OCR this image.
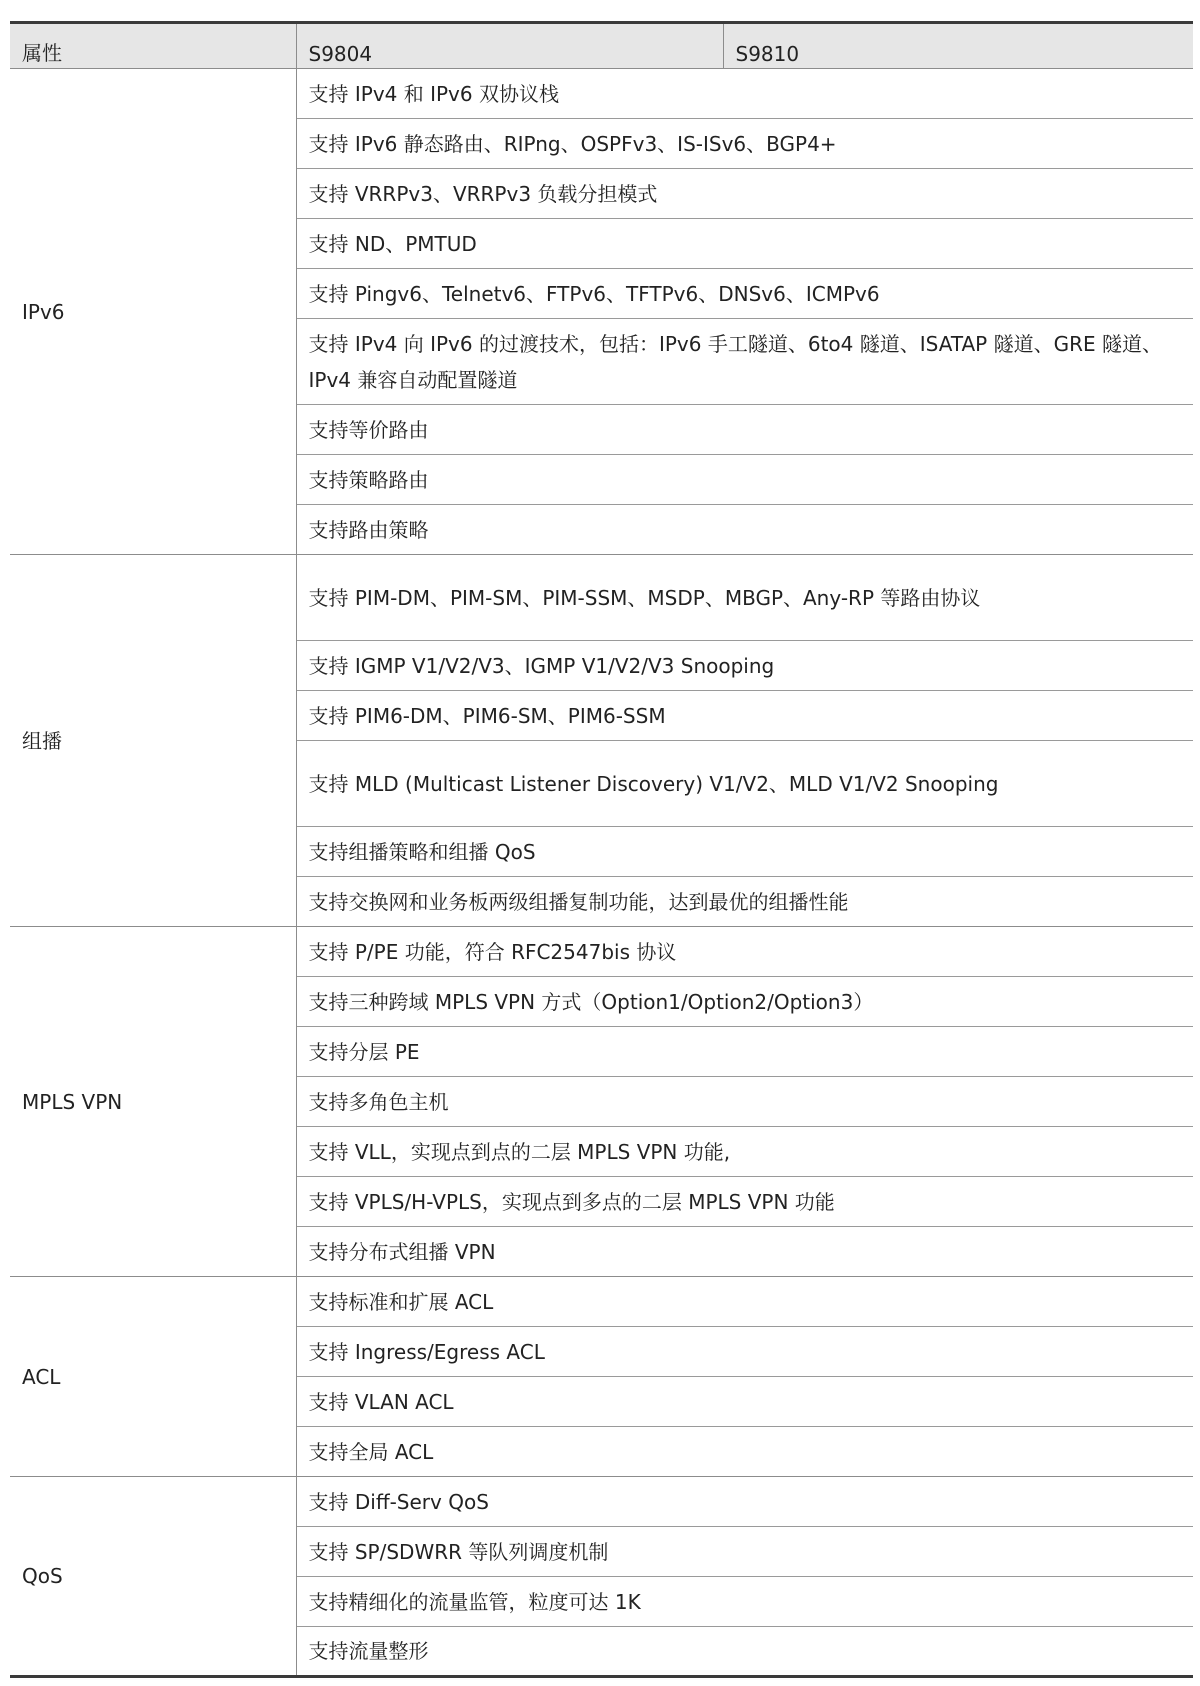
属性	S9804	S9810
IPv6	支持 IPv4 和 IPv6 双协议栈	
	支持 IPv6 静态路由、RIPng、OSPFv3、IS-ISv6、BGP4+	
	支持 VRRPv3、VRRPv3 负载分担模式	
	支持 ND、PMTUD	
	支持 Pingv6、Telnetv6、FTPv6、TFTPv6、DNSv6、ICMPv6	
	支持 IPv4 向 IPv6 的过渡技术，包括：IPv6 手工隧道、6to4 隧道、ISATAP 隧道、GRE 隧道、IPv4 兼容自动配置隧道	
	支持等价路由	
	支持策略路由	
	支持路由策略	
组播	支持 PIM-DM、PIM-SM、PIM-SSM、MSDP、MBGP、Any-RP 等路由协议	
	支持 IGMP V1/V2/V3、IGMP V1/V2/V3 Snooping	
	支持 PIM6-DM、PIM6-SM、PIM6-SSM	
	支持 MLD (Multicast Listener Discovery) V1/V2、MLD V1/V2 Snooping	
	支持组播策略和组播 QoS	
	支持交换网和业务板两级组播复制功能，达到最优的组播性能	
MPLS VPN	支持 P/PE 功能，符合 RFC2547bis 协议	
	支持三种跨域 MPLS VPN 方式（Option1/Option2/Option3）	
	支持分层 PE	
	支持多角色主机	
	支持 VLL，实现点到点的二层 MPLS VPN 功能,	
	支持 VPLS/H-VPLS，实现点到多点的二层 MPLS VPN 功能	
	支持分布式组播 VPN	
ACL	支持标准和扩展 ACL	
	支持 Ingress/Egress ACL	
	支持 VLAN ACL	
	支持全局 ACL	
QoS	支持 Diff-Serv QoS	
	支持 SP/SDWRR 等队列调度机制	
	支持精细化的流量监管，粒度可达 1K	
	支持流量整形	
